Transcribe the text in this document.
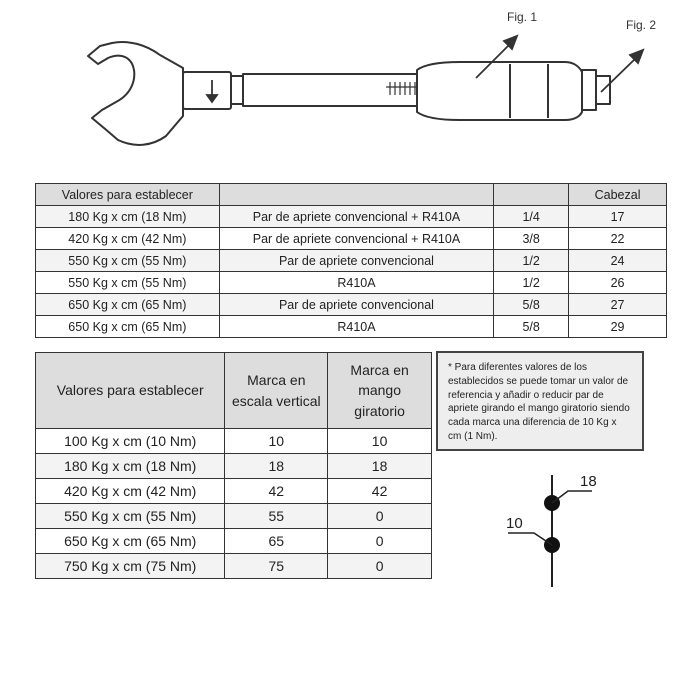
Fig. 1
Fig. 2
Valores para establecer			Cabezal
180 Kg x cm (18 Nm)	Par de apriete convencional + R410A	1/4	17
420 Kg x cm (42 Nm)	Par de apriete convencional + R410A	3/8	22
550 Kg x cm (55 Nm)	Par de apriete convencional	1/2	24
550 Kg x cm (55 Nm)	R410A	1/2	26
650 Kg x cm (65 Nm)	Par de apriete convencional	5/8	27
650 Kg x cm (65 Nm)	R410A	5/8	29
Valores para establecer	Marca en escala vertical	Marca en mango giratorio
100 Kg x cm (10 Nm)	10	10
180 Kg x cm (18 Nm)	18	18
420 Kg x cm (42 Nm)	42	42
550 Kg x cm (55 Nm)	55	0
650 Kg x cm (65 Nm)	65	0
750 Kg x cm (75 Nm)	75	0
* Para diferentes valores de los establecidos se puede tomar un valor de referencia y añadir o reducir par de apriete girando el mango giratorio siendo cada marca una diferencia de 10 Kg x cm (1 Nm).
18
10
